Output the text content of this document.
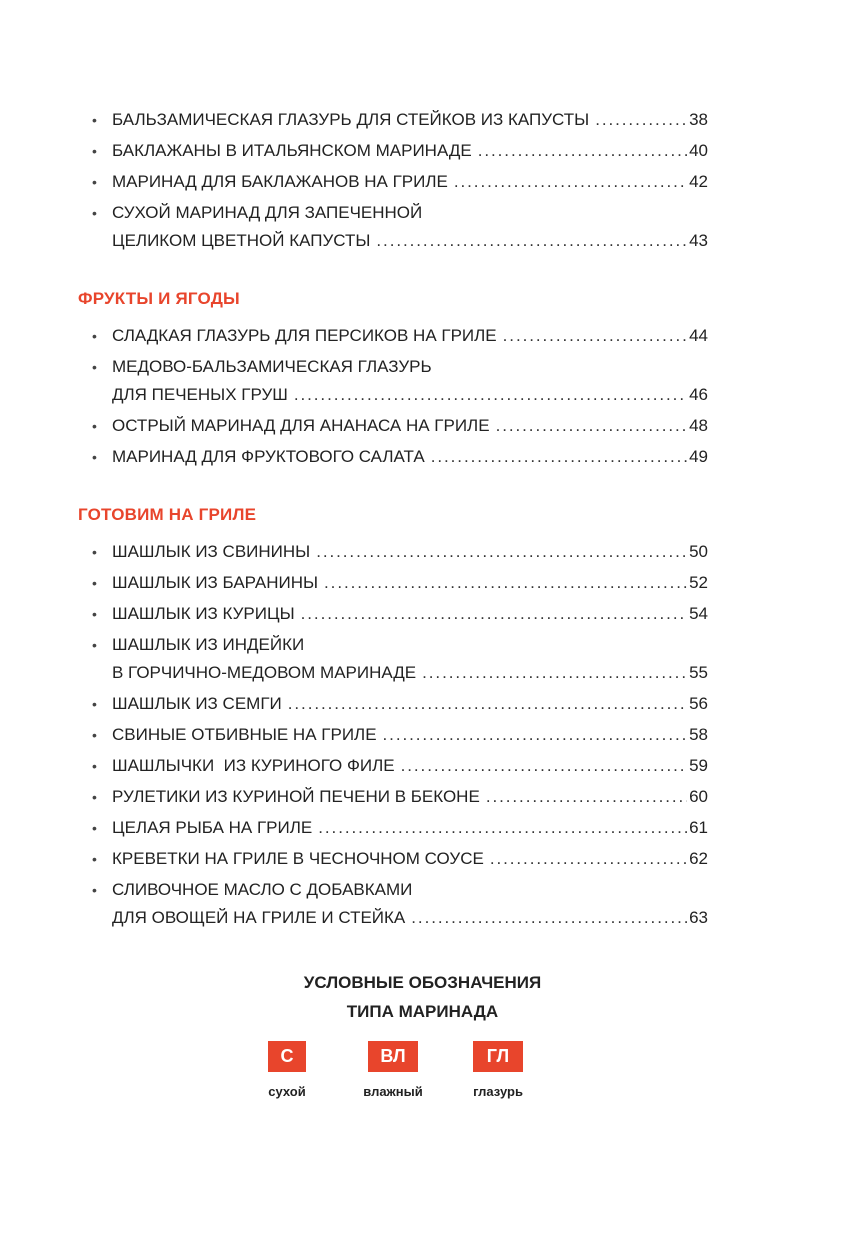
• БАЛЬЗАМИЧЕСКАЯ ГЛАЗУРЬ ДЛЯ СТЕЙКОВ ИЗ КАПУСТЫ . . .	38
• БАКЛАЖАНЫ В ИТАЛЬЯНСКОМ МАРИНАДЕ . . .	40
• МАРИНАД ДЛЯ БАКЛАЖАНОВ НА ГРИЛЕ . . .	42
• СУХОЙ МАРИНАД ДЛЯ ЗАПЕЧЕННОЙ
ЦЕЛИКОМ ЦВЕТНОЙ КАПУСТЫ . . .	43
ФРУКТЫ И ЯГОДЫ
• СЛАДКАЯ ГЛАЗУРЬ ДЛЯ ПЕРСИКОВ НА ГРИЛЕ . . .	44
• МЕДОВО-БАЛЬЗАМИЧЕСКАЯ ГЛАЗУРЬ
ДЛЯ ПЕЧЕНЫХ ГРУШ . . .	46
• ОСТРЫЙ МАРИНАД ДЛЯ АНАНАСА НА ГРИЛЕ . . .	48
• МАРИНАД ДЛЯ ФРУКТОВОГО САЛАТА . . .	49
ГОТОВИМ НА ГРИЛЕ
• ШАШЛЫК ИЗ СВИНИНЫ . . .	50
• ШАШЛЫК ИЗ БАРАНИНЫ . . .	52
• ШАШЛЫК ИЗ КУРИЦЫ . . .	54
• ШАШЛЫК ИЗ ИНДЕЙКИ
В ГОРЧИЧНО-МЕДОВОМ МАРИНАДЕ . . .	55
• ШАШЛЫК ИЗ СЕМГИ . . .	56
• СВИНЫЕ ОТБИВНЫЕ НА ГРИЛЕ . . .	58
• ШАШЛЫЧКИ  ИЗ КУРИНОГО ФИЛЕ . . .	59
• РУЛЕТИКИ ИЗ КУРИНОЙ ПЕЧЕНИ В БЕКОНЕ . . .	60
• ЦЕЛАЯ РЫБА НА ГРИЛЕ . . .	61
• КРЕВЕТКИ НА ГРИЛЕ В ЧЕСНОЧНОМ СОУСЕ . . .	62
• СЛИВОЧНОЕ МАСЛО С ДОБАВКАМИ
ДЛЯ ОВОЩЕЙ НА ГРИЛЕ И СТЕЙКА . . .	63
УСЛОВНЫЕ ОБОЗНАЧЕНИЯ
ТИПА МАРИНАДА
С	ВЛ	ГЛ
сухой	влажный	глазурь
